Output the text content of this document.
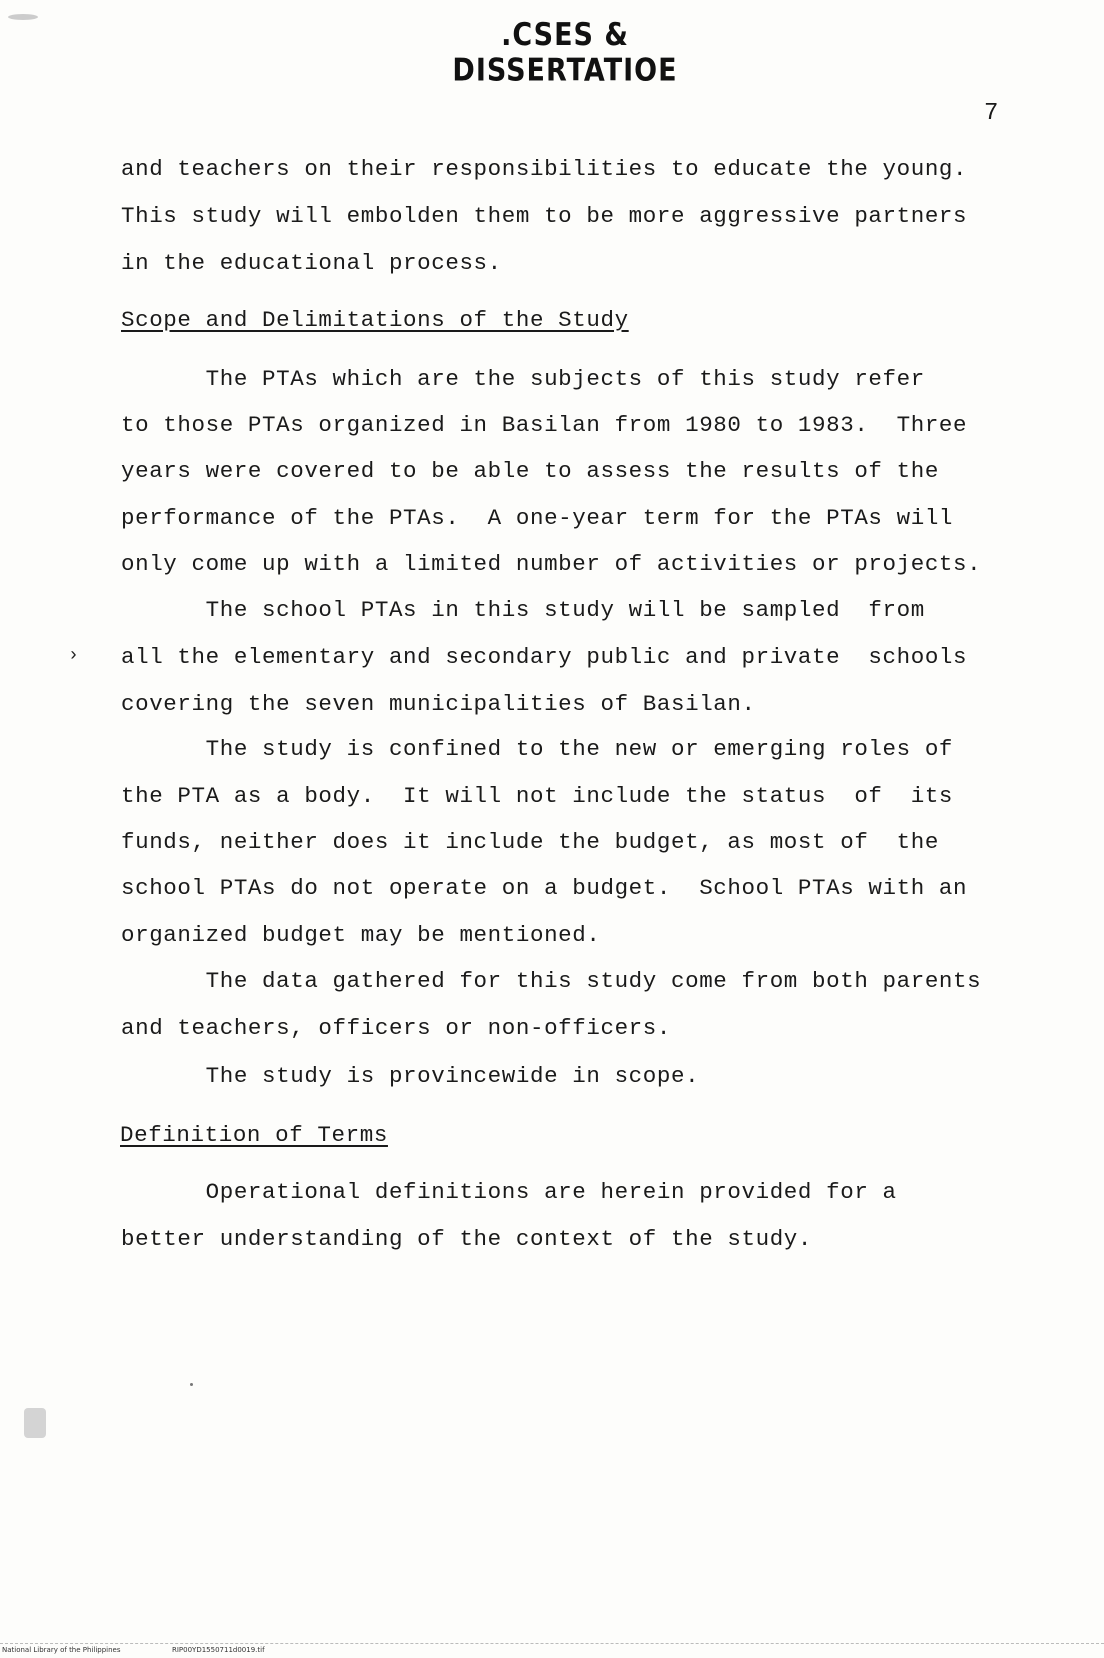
.CSES & DISSERTATIOE
7
and teachers on their responsibilities to educate the young.
This study will embolden them to be more aggressive partners
in the educational process.
Scope and Delimitations of the Study
The PTAs which are the subjects of this study refer
to those PTAs organized in Basilan from 1980 to 1983.  Three
years were covered to be able to assess the results of the
performance of the PTAs.  A one-year term for the PTAs will
only come up with a limited number of activities or projects.
The school PTAs in this study will be sampled  from
all the elementary and secondary public and private  schools
covering the seven municipalities of Basilan.
The study is confined to the new or emerging roles of
the PTA as a body.  It will not include the status  of  its
funds, neither does it include the budget, as most of  the
school PTAs do not operate on a budget.  School PTAs with an
organized budget may be mentioned.
The data gathered for this study come from both parents
and teachers, officers or non-officers.
The study is provincewide in scope.
Definition of Terms
Operational definitions are herein provided for a
better understanding of the context of the study.
›
National Library of the Philippines	RIP00YD1550711d0019.tif
